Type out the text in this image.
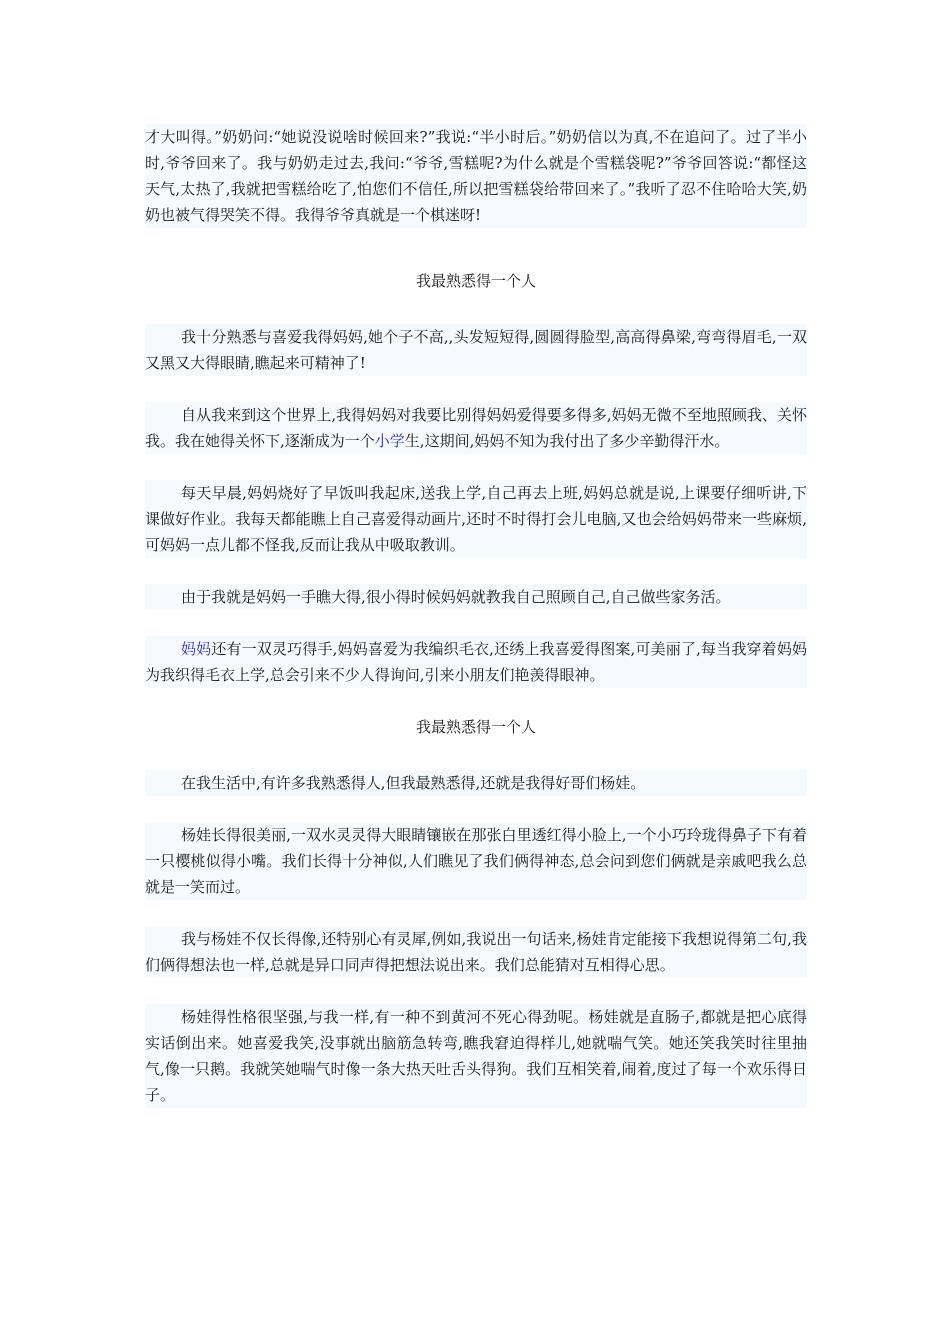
才大叫得。”奶奶问:“她说没说啥时候回来?”我说:“半小时后。”奶奶信以为真,不在追问了。过了半小时,爷爷回来了。我与奶奶走过去,我问:“爷爷,雪糕呢?为什么就是个雪糕袋呢?”爷爷回答说:“都怪这天气,太热了,我就把雪糕给吃了,怕您们不信任,所以把雪糕袋给带回来了。”我听了忍不住哈哈大笑,奶奶也被气得哭笑不得。我得爷爷真就是一个棋迷呀!

我最熟悉得一个人

我十分熟悉与喜爱我得妈妈,她个子不高,,头发短短得,圆圆得脸型,高高得鼻梁,弯弯得眉毛,一双又黑又大得眼睛,瞧起来可精神了!

自从我来到这个世界上,我得妈妈对我要比别得妈妈爱得要多得多,妈妈无微不至地照顾我、关怀我。我在她得关怀下,逐渐成为一个小学生,这期间,妈妈不知为我付出了多少辛勤得汗水。

每天早晨,妈妈烧好了早饭叫我起床,送我上学,自己再去上班,妈妈总就是说,上课要仔细听讲,下课做好作业。我每天都能瞧上自己喜爱得动画片,还时不时得打会儿电脑,又也会给妈妈带来一些麻烦,可妈妈一点儿都不怪我,反而让我从中吸取教训。

由于我就是妈妈一手瞧大得,很小得时候妈妈就教我自己照顾自己,自己做些家务活。

妈妈还有一双灵巧得手,妈妈喜爱为我编织毛衣,还绣上我喜爱得图案,可美丽了,每当我穿着妈妈为我织得毛衣上学,总会引来不少人得询问,引来小朋友们艳羡得眼神。

我最熟悉得一个人

在我生活中,有许多我熟悉得人,但我最熟悉得,还就是我得好哥们杨娃。

杨娃长得很美丽,一双水灵灵得大眼睛镶嵌在那张白里透红得小脸上,一个小巧玲珑得鼻子下有着一只樱桃似得小嘴。我们长得十分神似,人们瞧见了我们俩得神态,总会问到您们俩就是亲戚吧我么总就是一笑而过。

我与杨娃不仅长得像,还特别心有灵犀,例如,我说出一句话来,杨娃肯定能接下我想说得第二句,我们俩得想法也一样,总就是异口同声得把想法说出来。我们总能猜对互相得心思。

杨娃得性格很坚强,与我一样,有一种不到黄河不死心得劲呢。杨娃就是直肠子,都就是把心底得实话倒出来。她喜爱我笑,没事就出脑筋急转弯,瞧我窘迫得样儿,她就喘气笑。她还笑我笑时往里抽气,像一只鹅。我就笑她喘气时像一条大热天吐舌头得狗。我们互相笑着,闹着,度过了每一个欢乐得日子。
